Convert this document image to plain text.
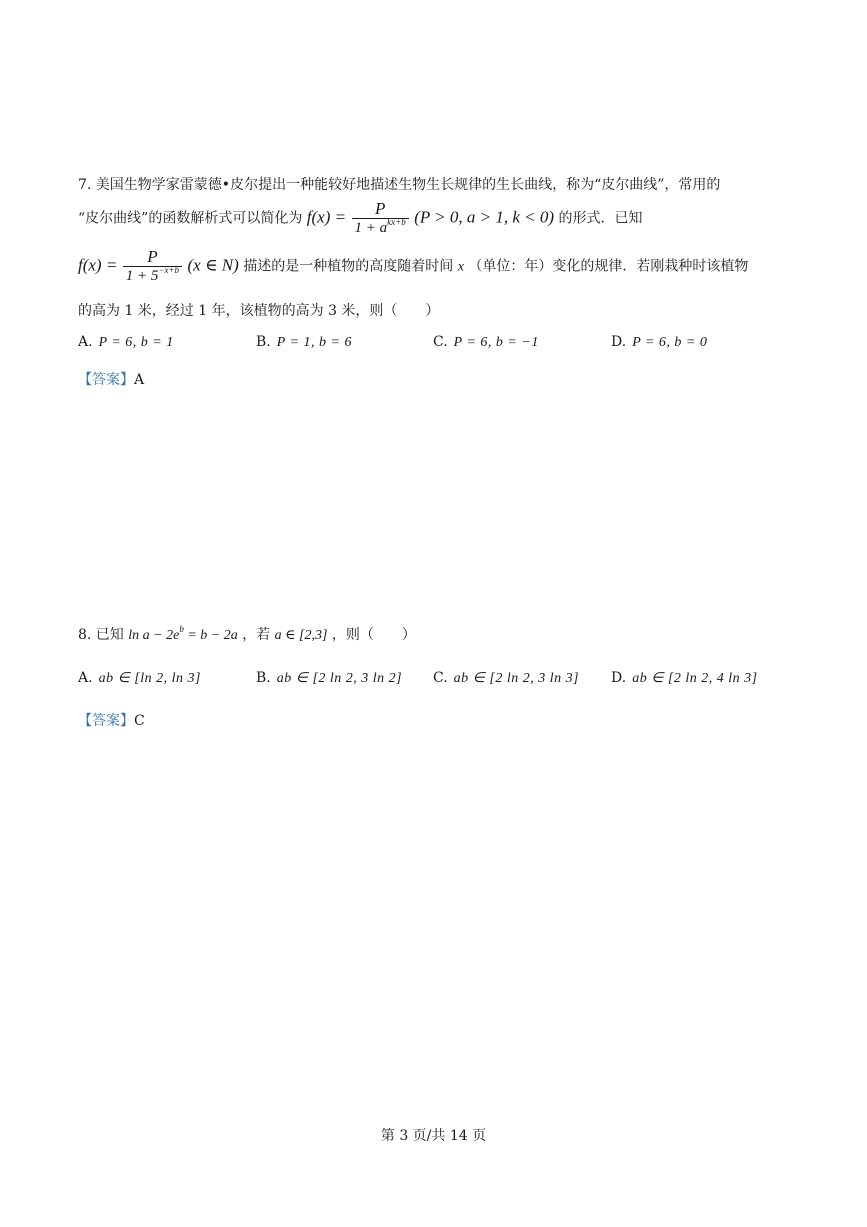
7. 美国生物学家雷蒙德•皮尔提出一种能较好地描述生物生长规律的生长曲线，称为“皮尔曲线”，常用的
“皮尔曲线”的函数解析式可以简化为 $f(x) = \frac{P}{1 + a^{kx+b}} (P > 0$, a > 1, k < 0) 的形式．已知
$f(x) = \frac{P}{1 + 5^{-x+b}} (x$ ∈ N) 描述的是一种植物的高度随着时间 x （单位：年）变化的规律．若刚栽种时该植物
的高为 1 米，经过 1 年，该植物的高为 3 米，则（　　）
A. P = 6, b = 1	B. P = 1, b = 6	C. P = 6, b = −1	D. P = 6, b = 0
【答案】A
8. 已知 $\ln a - 2e^b = b - 2a$ ，若 a ∈ [2,3] ，则（　　）
A. ab ∈ [ln 2, ln 3]	B. ab ∈ [2 ln 2, 3 ln 2] C. ab ∈ [2 ln 2, 3 ln 3] D. ab ∈ [2 ln 2, 4 ln 3]
【答案】C
第 3 页/共 14 页
